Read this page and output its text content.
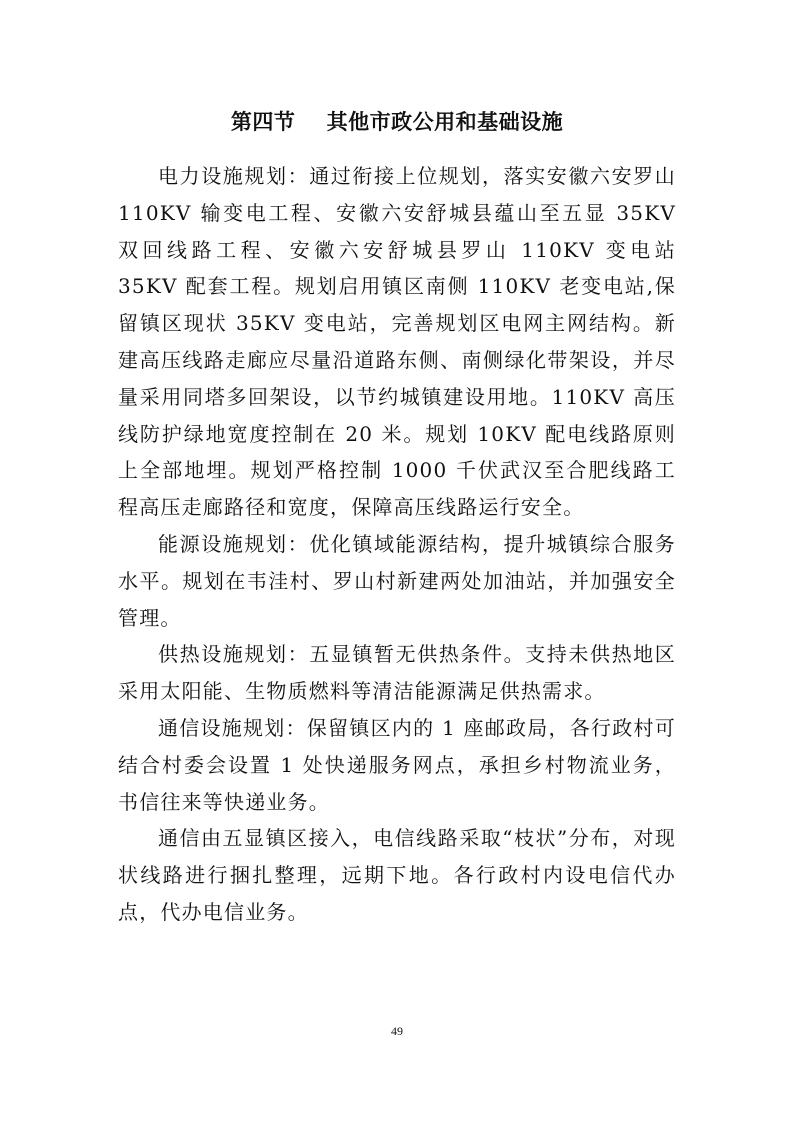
第四节    其他市政公用和基础设施

电力设施规划：通过衔接上位规划，落实安徽六安罗山 110KV 输变电工程、安徽六安舒城县蕴山至五显 35KV 双回线路工程、安徽六安舒城县罗山 110KV 变电站 35KV 配套工程。规划启用镇区南侧 110KV 老变电站,保留镇区现状 35KV 变电站，完善规划区电网主网结构。新建高压线路走廊应尽量沿道路东侧、南侧绿化带架设，并尽量采用同塔多回架设，以节约城镇建设用地。110KV 高压线防护绿地宽度控制在 20 米。规划 10KV 配电线路原则上全部地埋。规划严格控制 1000 千伏武汉至合肥线路工程高压走廊路径和宽度，保障高压线路运行安全。

能源设施规划：优化镇域能源结构，提升城镇综合服务水平。规划在韦洼村、罗山村新建两处加油站，并加强安全管理。

供热设施规划：五显镇暂无供热条件。支持未供热地区采用太阳能、生物质燃料等清洁能源满足供热需求。

通信设施规划：保留镇区内的 1 座邮政局，各行政村可结合村委会设置 1 处快递服务网点，承担乡村物流业务，书信往来等快递业务。

通信由五显镇区接入，电信线路采取“枝状”分布，对现状线路进行捆扎整理，远期下地。各行政村内设电信代办点，代办电信业务。

49
